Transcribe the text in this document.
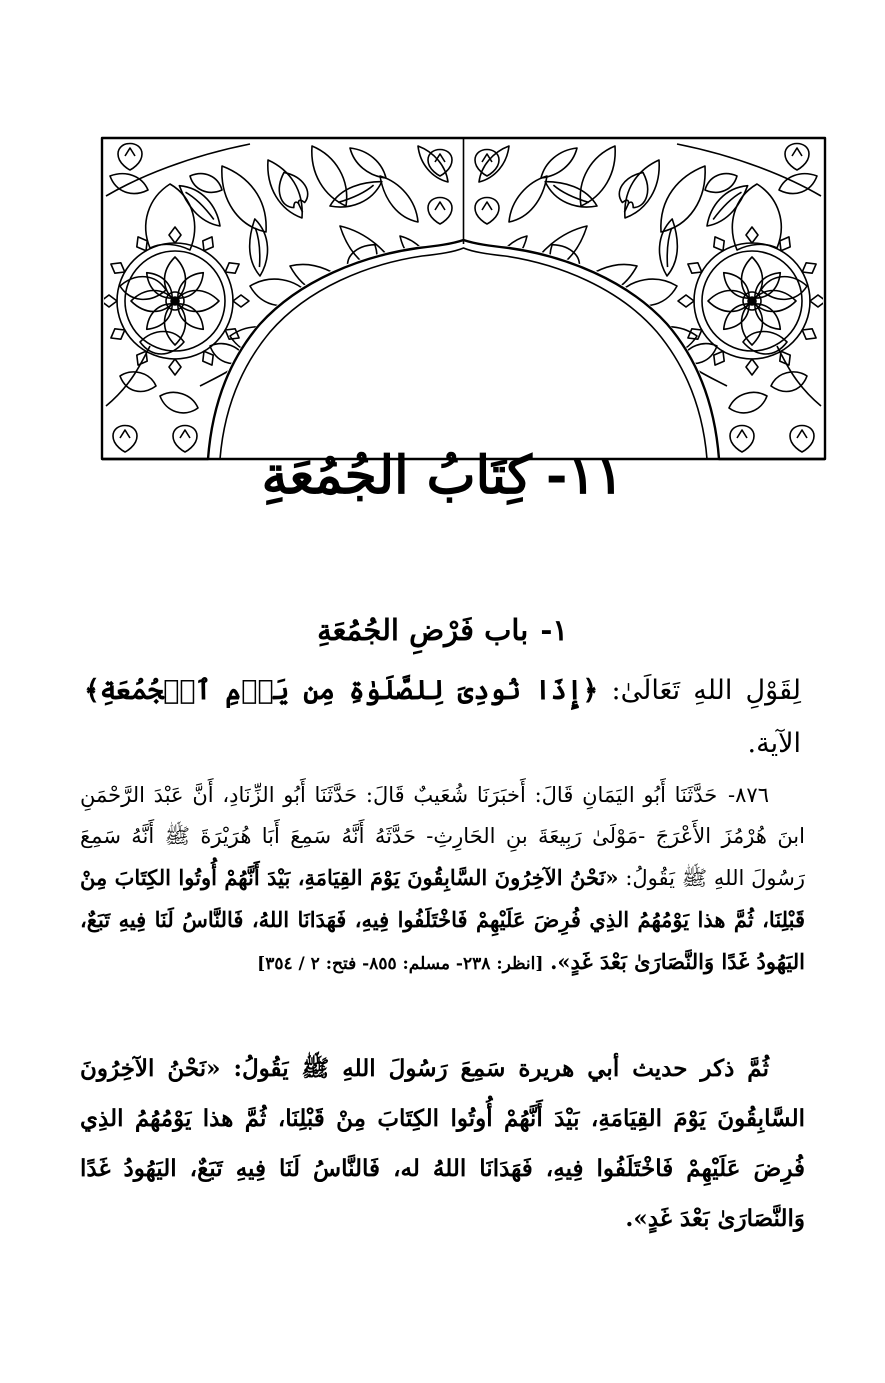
١١-كِتَابُ الجُمُعَةِ
١-باب فَرْضِ الجُمُعَةِ
لِقَوْلِ اللهِ تَعَالَىٰ: ﴿إِذَا نُودِىَ لِلصَّلَوٰةِ مِن يَوۡمِ ٱلۡجُمُعَةِ﴾ الآية.
٨٧٦- حَدَّثَنَا أَبُو اليَمَانِ قَالَ: أَخبَرَنَا شُعَيبٌ قَالَ: حَدَّثَنَا أَبُو الزِّنَادِ، أَنَّ عَبْدَ الرَّحْمَنِ ابنَ هُرْمُزَ الأَعْرَجَ -مَوْلَىٰ رَبِيعَةَ بنِ الحَارِثِ- حَدَّثَهُ أَنَّهُ سَمِعَ أَبَا هُرَيْرَةَ ﷺ أَنَّهُ سَمِعَ رَسُولَ اللهِ ﷺ يَقُولُ: «نَحْنُ الآخِرُونَ السَّابِقُونَ يَوْمَ القِيَامَةِ، بَيْدَ أَنَّهُمْ أُوتُوا الكِتَابَ مِنْ قَبْلِنَا، ثُمَّ هذا يَوْمُهُمُ الذِي فُرِضَ عَلَيْهِمْ فَاخْتَلَفُوا فِيهِ، فَهَدَانَا اللهُ، فَالنَّاسُ لَنَا فِيهِ تَبَعٌ، اليَهُودُ غَدًا وَالنَّصَارَىٰ بَعْدَ غَدٍ». [انظر: ٢٣٨- مسلم: ٨٥٥- فتح: ٢ / ٣٥٤]
ثُمَّ ذكر حديث أبي هريرة سَمِعَ رَسُولَ اللهِ ﷺ يَقُولُ: «نَحْنُ الآخِرُونَ السَّابِقُونَ يَوْمَ القِيَامَةِ، بَيْدَ أَنَّهُمْ أُوتُوا الكِتَابَ مِنْ قَبْلِنَا، ثُمَّ هذا يَوْمُهُمُ الذِي فُرِضَ عَلَيْهِمْ فَاخْتَلَفُوا فِيهِ، فَهَدَانَا اللهُ له، فَالنَّاسُ لَنَا فِيهِ تَبَعٌ، اليَهُودُ غَدًا وَالنَّصَارَىٰ بَعْدَ غَدٍ».
